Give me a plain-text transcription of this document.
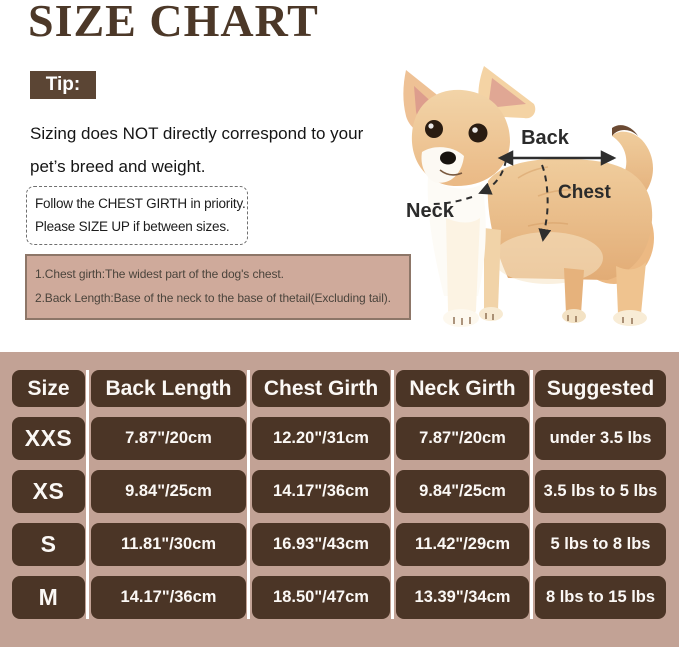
SIZE CHART
Tip:
Sizing does NOT directly correspond to your
pet’s breed and weight.
Follow the CHEST GIRTH in priority.
Please SIZE UP if between sizes.
1.Chest girth:The widest part of the dog's chest.
2.Back Length:Base of the neck to the base of thetail(Excluding tail).
Back
Chest
Neck
Size	Back Length	Chest Girth	Neck Girth	Suggested
XXS	7.87"/20cm	12.20"/31cm	7.87"/20cm	under 3.5 lbs
XS	9.84"/25cm	14.17"/36cm	9.84"/25cm	3.5 lbs to 5 lbs
S	11.81"/30cm	16.93"/43cm	11.42"/29cm	5 lbs to 8 lbs
M	14.17"/36cm	18.50"/47cm	13.39"/34cm	8 lbs to 15 lbs
